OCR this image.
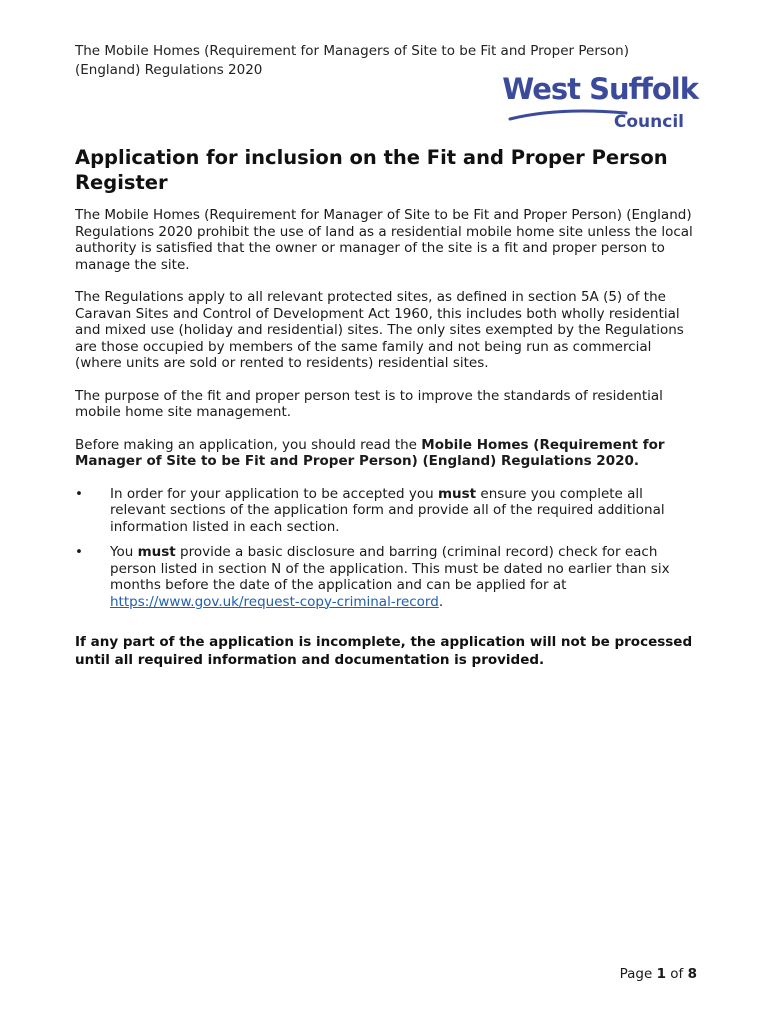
The Mobile Homes (Requirement for Managers of Site to be Fit and Proper Person) (England) Regulations 2020
West Suffolk
Council
Application for inclusion on the Fit and Proper Person Register

The Mobile Homes (Requirement for Manager of Site to be Fit and Proper Person) (England) Regulations 2020 prohibit the use of land as a residential mobile home site unless the local authority is satisfied that the owner or manager of the site is a fit and proper person to manage the site.

The Regulations apply to all relevant protected sites, as defined in section 5A (5) of the Caravan Sites and Control of Development Act 1960, this includes both wholly residential and mixed use (holiday and residential) sites. The only sites exempted by the Regulations are those occupied by members of the same family and not being run as commercial (where units are sold or rented to residents) residential sites.

The purpose of the fit and proper person test is to improve the standards of residential mobile home site management.

Before making an application, you should read the Mobile Homes (Requirement for Manager of Site to be Fit and Proper Person) (England) Regulations 2020.

• In order for your application to be accepted you must ensure you complete all relevant sections of the application form and provide all of the required additional information listed in each section.
• You must provide a basic disclosure and barring (criminal record) check for each person listed in section N of the application. This must be dated no earlier than six months before the date of the application and can be applied for at https://www.gov.uk/request-copy-criminal-record.
If any part of the application is incomplete, the application will not be processed until all required information and documentation is provided.
Page 1 of 8
